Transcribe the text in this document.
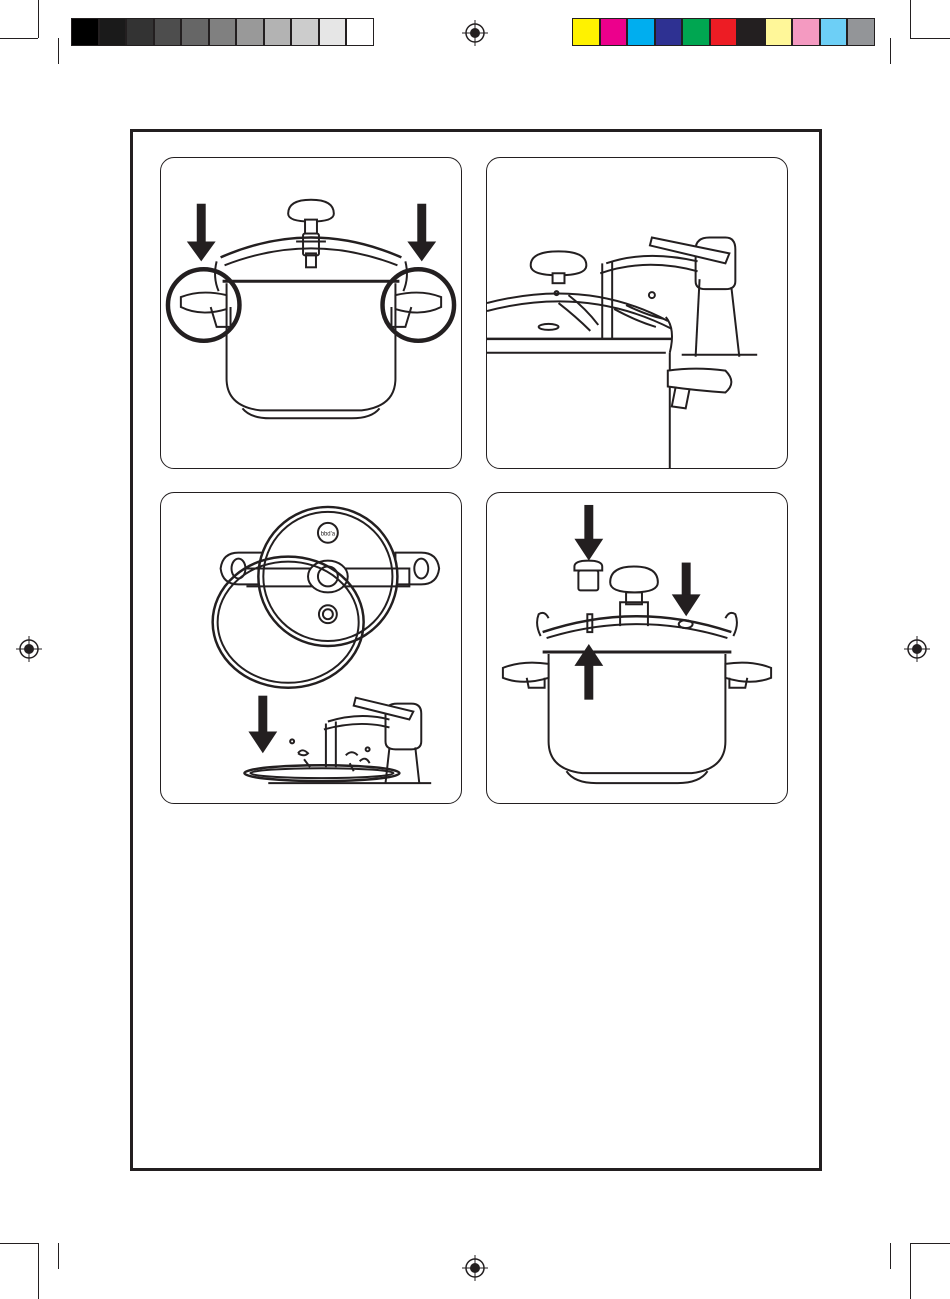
bbd'a
